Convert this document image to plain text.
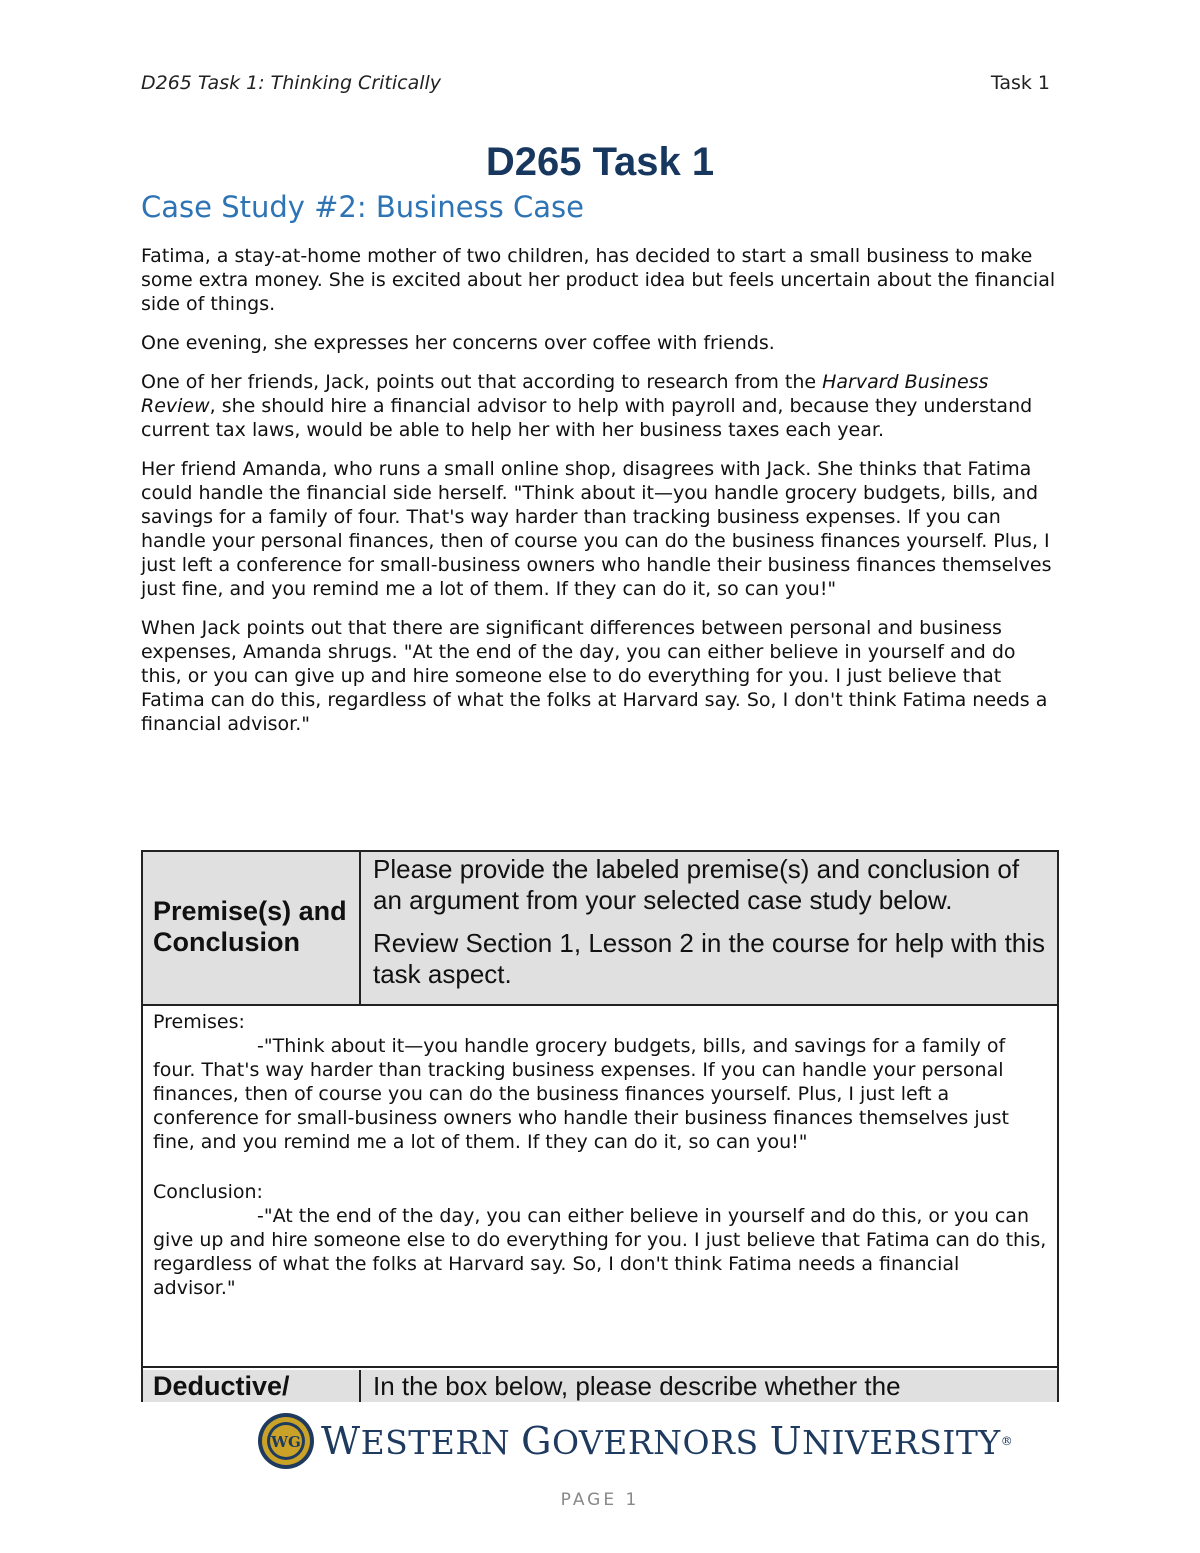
D265 Task 1: Thinking Critically	Task 1
D265 Task 1
Case Study #2: Business Case

Fatima, a stay-at-home mother of two children, has decided to start a small business to make some extra money. She is excited about her product idea but feels uncertain about the financial side of things.

One evening, she expresses her concerns over coffee with friends.

One of her friends, Jack, points out that according to research from the Harvard Business Review, she should hire a financial advisor to help with payroll and, because they understand current tax laws, would be able to help her with her business taxes each year.

Her friend Amanda, who runs a small online shop, disagrees with Jack. She thinks that Fatima could handle the financial side herself. "Think about it—you handle grocery budgets, bills, and savings for a family of four. That's way harder than tracking business expenses. If you can handle your personal finances, then of course you can do the business finances yourself. Plus, I just left a conference for small-business owners who handle their business finances themselves just fine, and you remind me a lot of them. If they can do it, so can you!"

When Jack points out that there are significant differences between personal and business expenses, Amanda shrugs. "At the end of the day, you can either believe in yourself and do this, or you can give up and hire someone else to do everything for you. I just believe that Fatima can do this, regardless of what the folks at Harvard say. So, I don't think Fatima needs a financial advisor."

Premise(s) and Conclusion

Please provide the labeled premise(s) and conclusion of an argument from your selected case study below.

Review Section 1, Lesson 2 in the course for help with this task aspect.

Premises:

-"Think about it—you handle grocery budgets, bills, and savings for a family of four. That's way harder than tracking business expenses. If you can handle your personal finances, then of course you can do the business finances yourself. Plus, I just left a conference for small-business owners who handle their business finances themselves just fine, and you remind me a lot of them. If they can do it, so can you!"

Conclusion:

-"At the end of the day, you can either believe in yourself and do this, or you can give up and hire someone else to do everything for you. I just believe that Fatima can do this, regardless of what the folks at Harvard say. So, I don't think Fatima needs a financial advisor."

Deductive/	In the box below, please describe whether the
WG WESTERN GOVERNORS UNIVERSITY®
PAGE 1
